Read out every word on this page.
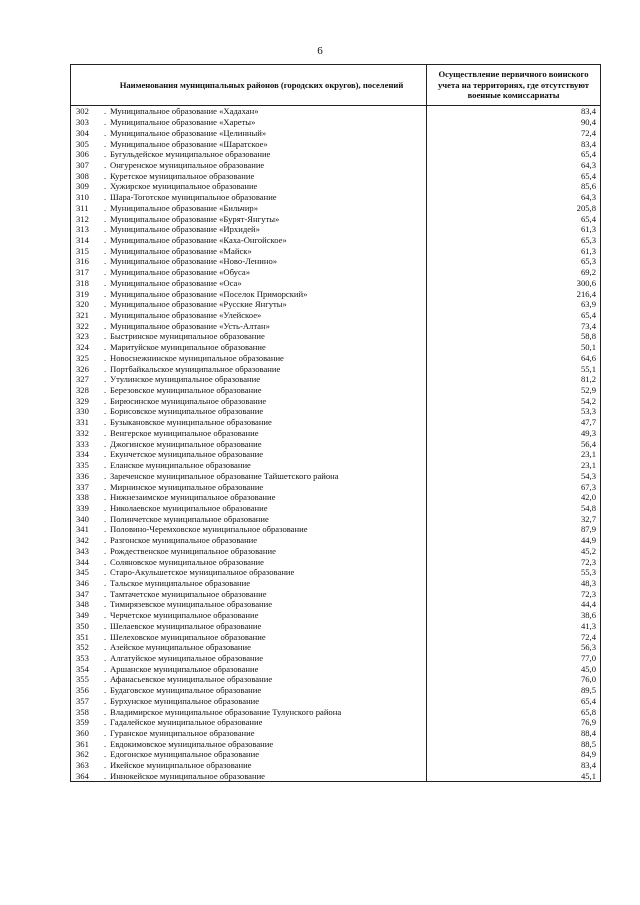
6
Наименования муниципальных районов (городских округов), поселений	Осуществление первичного воинского учета на территориях, где отсутствуют военные комиссариаты
302 . Муниципальное образование «Хадахан»	83,4
303 . Муниципальное образование «Хареты»	90,4
304 . Муниципальное образование «Целинный»	72,4
305 . Муниципальное образование «Шаратское»	83,4
306 . Бугульдейское муниципальное образование	65,4
307 . Онгуренское муниципальное образование	64,3
308 . Куретское муниципальное образование	65,4
309 . Хужирское муниципальное образование	85,6
310 . Шара-Тоготское муниципальное образование	64,3
311 . Муниципальное образование «Бильчир»	205,8
312 . Муниципальное образование «Бурят-Янгуты»	65,4
313 . Муниципальное образование «Ирхидей»	61,3
314 . Муниципальное образование «Каха-Онгойское»	65,3
315 . Муниципальное образование «Майск»	61,3
316 . Муниципальное образование «Ново-Ленино»	65,3
317 . Муниципальное образование «Обуса»	69,2
318 . Муниципальное образование «Оса»	300,6
319 . Муниципальное образование «Поселок Приморский»	216,4
320 . Муниципальное образование «Русские Янгуты»	63,9
321 . Муниципальное образование «Улейское»	65,4
322 . Муниципальное образование «Усть-Алтан»	73,4
323 . Быстринское муниципальное образование	58,8
324 . Маритуйское муниципальное образование	50,1
325 . Новоснежнинское муниципальное образование	64,6
326 . Портбайкальское муниципальное образование	55,1
327 . Утулинское муниципальное образование	81,2
328 . Березовское муниципальное образование	52,9
329 . Бирюсинское муниципальное образование	54,2
330 . Борисовское муниципальное образование	53,3
331 . Бузыкановское муниципальное образование	47,7
332 . Венгерское муниципальное образование	49,3
333 . Джогинское муниципальное образование	56,4
334 . Екунчетское муниципальное образование	23,1
335 . Еланское муниципальное образование	23,1
336 . Зареченское муниципальное образование Тайшетского района	54,3
337 . Мирнинское муниципальное образование	67,3
338 . Нижнезаимское муниципальное образование	42,0
339 . Николаевское муниципальное образование	54,8
340 . Полинчетское муниципальное образование	32,7
341 . Половино-Черемховское муниципальное образование	87,9
342 . Разгонское муниципальное образование	44,9
343 . Рождественское муниципальное образование	45,2
344 . Соляновское муниципальное образование	72,3
345 . Старо-Акульшетское муниципальное образование	55,3
346 . Тальское муниципальное образование	48,3
347 . Тамтачетское муниципальное образование	72,3
348 . Тимирязевское муниципальное образование	44,4
349 . Черчетское муниципальное образование	38,6
350 . Шелаевское муниципальное образование	41,3
351 . Шелеховское муниципальное образование	72,4
352 . Азейское муниципальное образование	56,3
353 . Алгатуйское муниципальное образование	77,0
354 . Аршанское муниципальное образование	45,0
355 . Афанасьевское муниципальное образование	76,0
356 . Будаговское муниципальное образование	89,5
357 . Бурхунское муниципальное образование	65,4
358 . Владимирское муниципальное образование Тулунского района	65,8
359 . Гадалейское муниципальное образование	76,9
360 . Гуранское муниципальное образование	88,4
361 . Евдокимовское муниципальное образование	88,5
362 . Едогонское муниципальное образование	84,9
363 . Икейское муниципальное образование	83,4
364 . Иннокейское муниципальное образование	45,1
